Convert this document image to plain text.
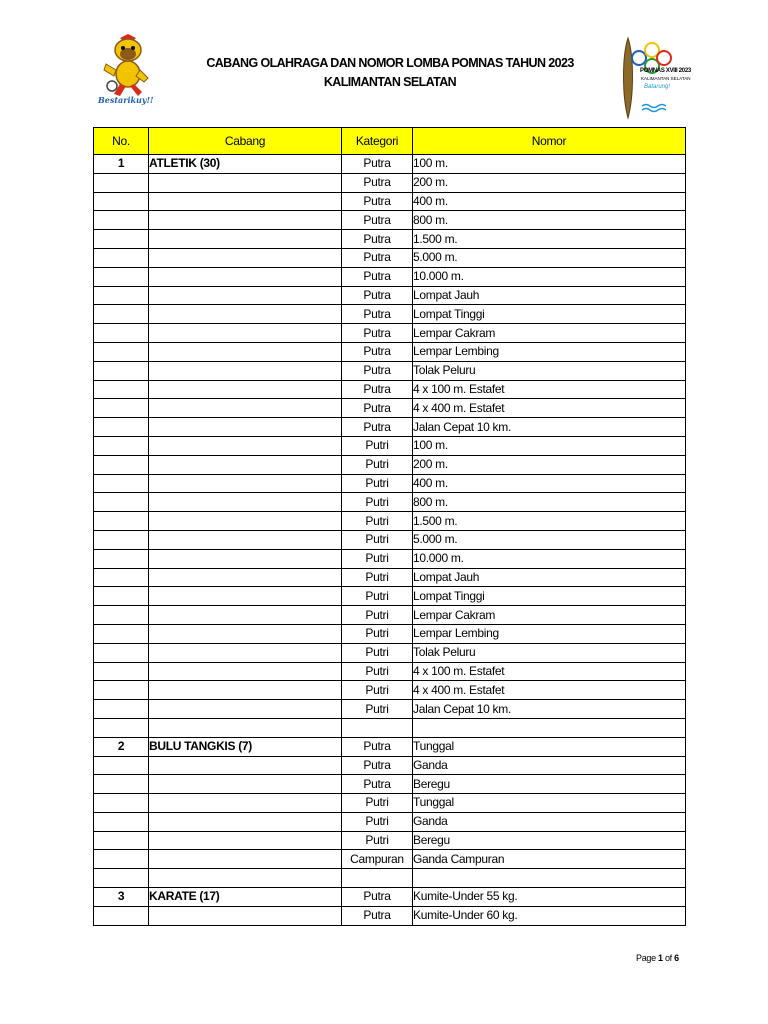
Bestarikuy!!
CABANG OLAHRAGA DAN NOMOR LOMBA POMNAS TAHUN 2023
KALIMANTAN SELATAN
POMNAS XVIII 2023
KALIMANTAN SELATAN
Batarung!
No.	Cabang	Kategori	Nomor
1	ATLETIK (30)	Putra	100 m.
		Putra	200 m.
		Putra	400 m.
		Putra	800 m.
		Putra	1.500 m.
		Putra	5.000 m.
		Putra	10.000 m.
		Putra	Lompat Jauh
		Putra	Lompat Tinggi
		Putra	Lempar Cakram
		Putra	Lempar Lembing
		Putra	Tolak Peluru
		Putra	4 x 100 m. Estafet
		Putra	4 x 400 m. Estafet
		Putra	Jalan Cepat 10 km.
		Putri	100 m.
		Putri	200 m.
		Putri	400 m.
		Putri	800 m.
		Putri	1.500 m.
		Putri	5.000 m.
		Putri	10.000 m.
		Putri	Lompat Jauh
		Putri	Lompat Tinggi
		Putri	Lempar Cakram
		Putri	Lempar Lembing
		Putri	Tolak Peluru
		Putri	4 x 100 m. Estafet
		Putri	4 x 400 m. Estafet
		Putri	Jalan Cepat 10 km.

2	BULU TANGKIS (7)	Putra	Tunggal
		Putra	Ganda
		Putra	Beregu
		Putri	Tunggal
		Putri	Ganda
		Putri	Beregu
		Campuran	Ganda Campuran

3	KARATE (17)	Putra	Kumite-Under 55 kg.
		Putra	Kumite-Under 60 kg.
Page 1 of 6
